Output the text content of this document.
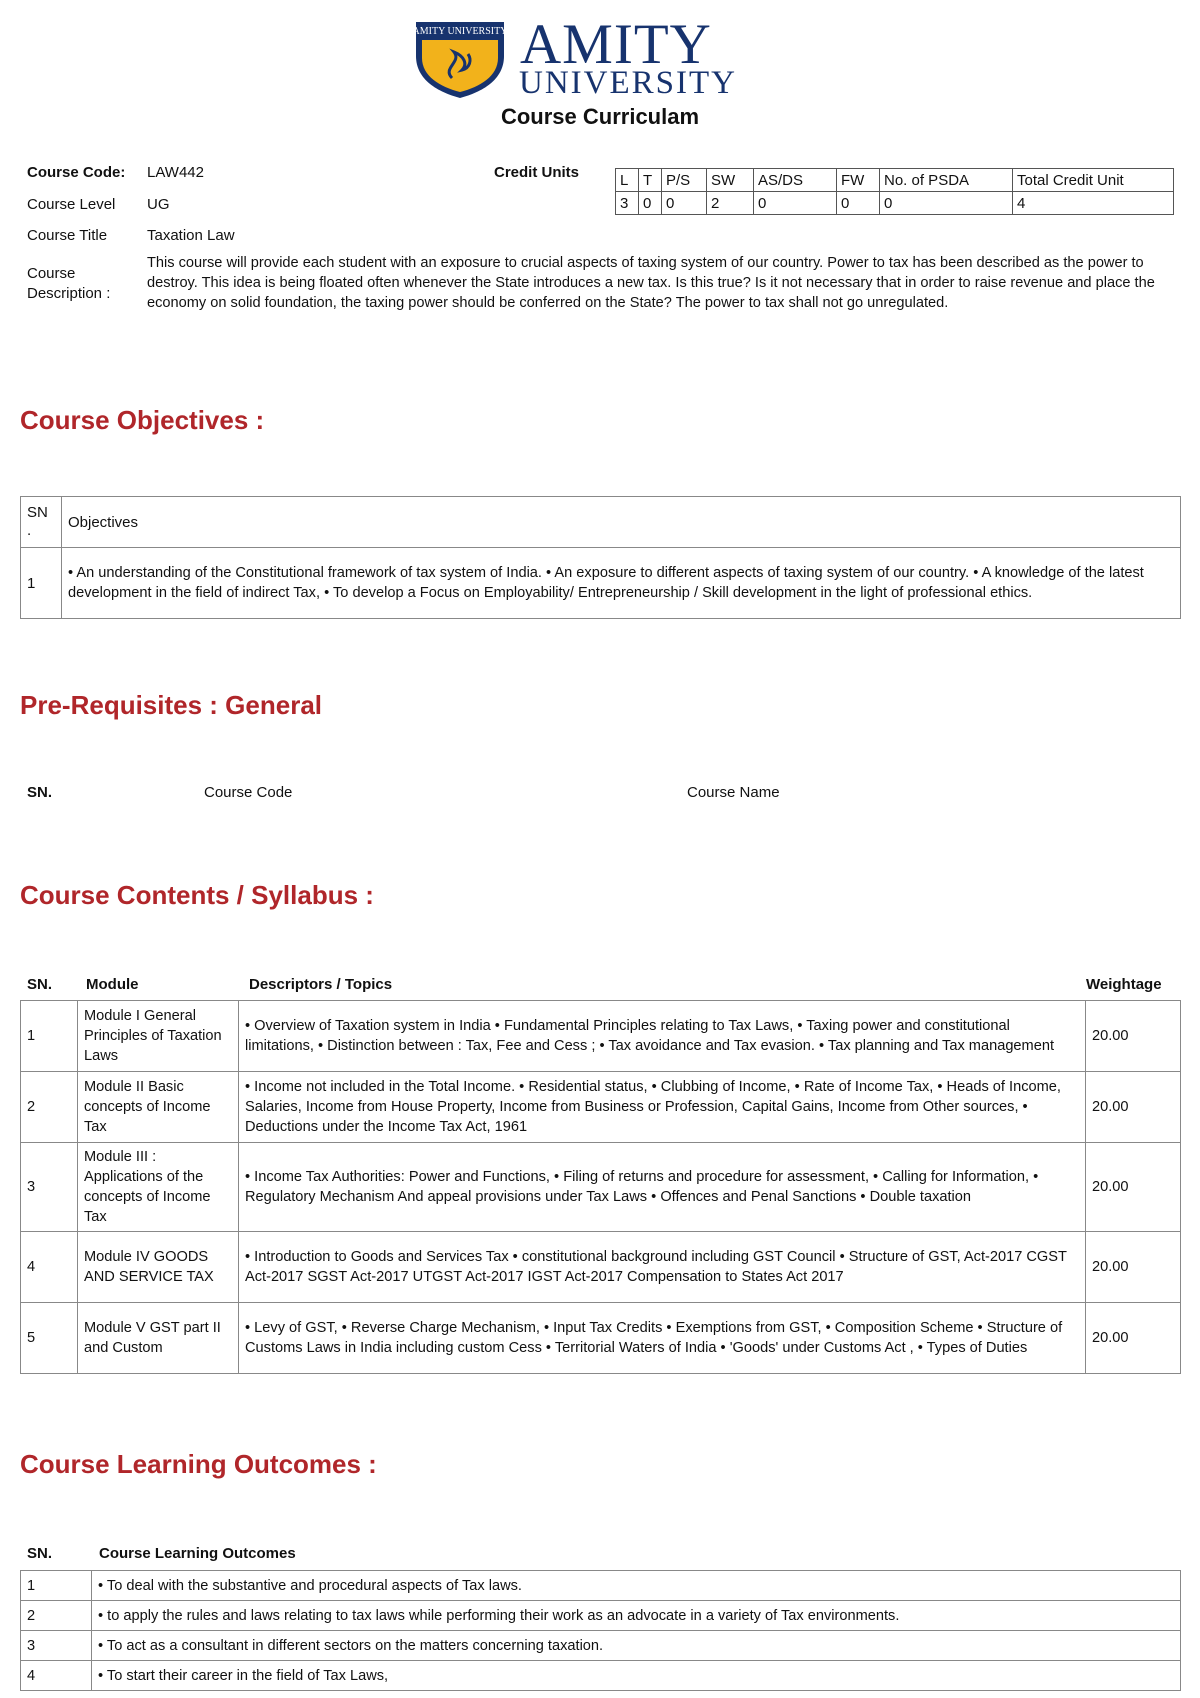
AMITY UNIVERSITY AMITY
UNIVERSITY
Course Curriculam
Course Code: LAW442
Course Level UG
Course Title	Taxation Law
Course Description :
This course will provide each student with an exposure to crucial aspects of taxing system of our country. Power to tax has been described as the power to destroy. This idea is being floated often whenever the State introduces a new tax. Is this true? Is it not necessary that in order to raise revenue and place the economy on solid foundation, the taxing power should be conferred on the State? The power to tax shall not go unregulated.
Credit Units	L	T	P/S	SW	AS/DS	FW	No. of PSDA	Total Credit Unit
3	0	0	2	0	0	0	4
Course Objectives :
SN .	Objectives
1	• An understanding of the Constitutional framework of tax system of India. • An exposure to different aspects of taxing system of our country. • A knowledge of the latest development in the field of indirect Tax, • To develop a Focus on Employability/ Entrepreneurship / Skill development in the light of professional ethics.
Pre-Requisites : General
SN.	Course Code	Course Name
Course Contents / Syllabus :
SN. Module	Descriptors / Topics	Weightage
1	Module I General Principles of Taxation Laws	• Overview of Taxation system in India • Fundamental Principles relating to Tax Laws, • Taxing power and constitutional limitations, • Distinction between : Tax, Fee and Cess ; • Tax avoidance and Tax evasion. • Tax planning and Tax management	20.00
2	Module II Basic concepts of Income Tax	• Income not included in the Total Income. • Residential status, • Clubbing of Income, • Rate of Income Tax, • Heads of Income, Salaries, Income from House Property, Income from Business or Profession, Capital Gains, Income from Other sources, • Deductions under the Income Tax Act, 1961	20.00
3	Module III : Applications of the concepts of Income Tax	• Income Tax Authorities: Power and Functions, • Filing of returns and procedure for assessment, • Calling for Information, • Regulatory Mechanism And appeal provisions under Tax Laws • Offences and Penal Sanctions • Double taxation	20.00
4	Module IV GOODS AND SERVICE TAX	• Introduction to Goods and Services Tax • constitutional background including GST Council • Structure of GST, Act-2017 CGST Act-2017 SGST Act-2017 UTGST Act-2017 IGST Act-2017 Compensation to States Act 2017	20.00
5	Module V GST part II and Custom	• Levy of GST, • Reverse Charge Mechanism, • Input Tax Credits • Exemptions from GST, • Composition Scheme • Structure of Customs Laws in India including custom Cess • Territorial Waters of India • 'Goods' under Customs Act , • Types of Duties	20.00
Course Learning Outcomes :
SN.	Course Learning Outcomes
1	• To deal with the substantive and procedural aspects of Tax laws.
2	• to apply the rules and laws relating to tax laws while performing their work as an advocate in a variety of Tax environments.
3	• To act as a consultant in different sectors on the matters concerning taxation.
4	• To start their career in the field of Tax Laws,
